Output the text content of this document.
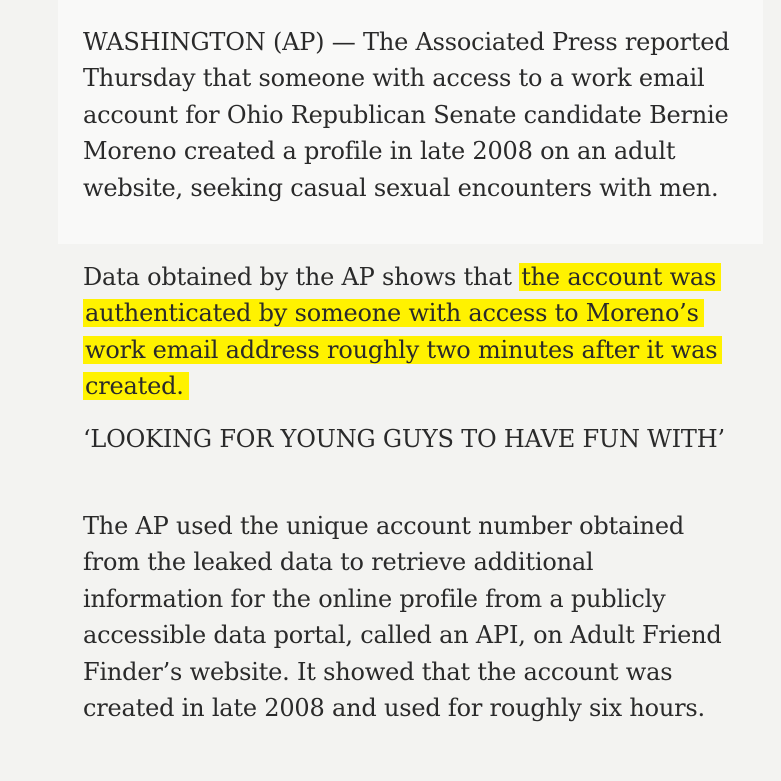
WASHINGTON (AP) — The Associated Press reported Thursday that someone with access to a work email account for Ohio Republican Senate candidate Bernie Moreno created a profile in late 2008 on an adult website, seeking casual sexual encounters with men.

Data obtained by the AP shows that the account was authenticated by someone with access to Moreno’s work email address roughly two minutes after it was created.

‘LOOKING FOR YOUNG GUYS TO HAVE FUN WITH’

The AP used the unique account number obtained from the leaked data to retrieve additional information for the online profile from a publicly accessible data portal, called an API, on Adult Friend Finder’s website. It showed that the account was created in late 2008 and used for roughly six hours.
